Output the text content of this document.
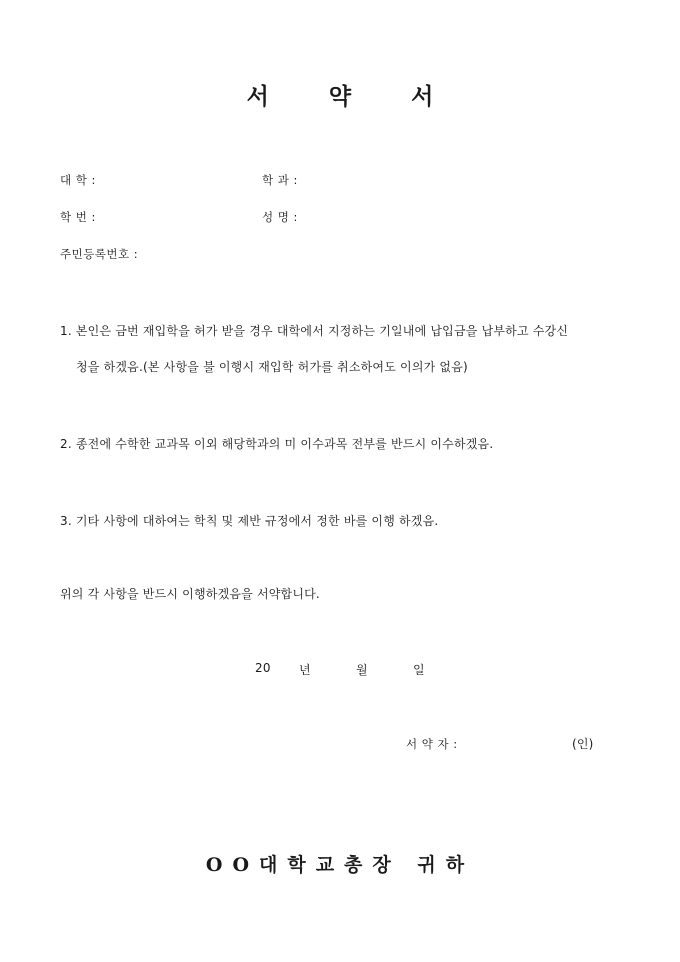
서 약 서
대 학 :	학 과 :
학 번 :	성 명 :
주민등록번호 :
1. 본인은 금번 재입학을 허가 받을 경우 대학에서 지정하는 기일내에 납입금을 납부하고 수강신
청을 하겠음.(본 사항을 불 이행시 재입학 허가를 취소하여도 이의가 없음)
2. 종전에 수학한 교과목 이외 해당학과의 미 이수과목 전부를 반드시 이수하겠음.
3. 기타 사항에 대하여는 학칙 및 제반 규정에서 정한 바를 이행 하겠음.
위의 각 사항을 반드시 이행하겠음을 서약합니다.
20 년	월	일
서 약 자 :	(인)
OO대학교총장 귀하
